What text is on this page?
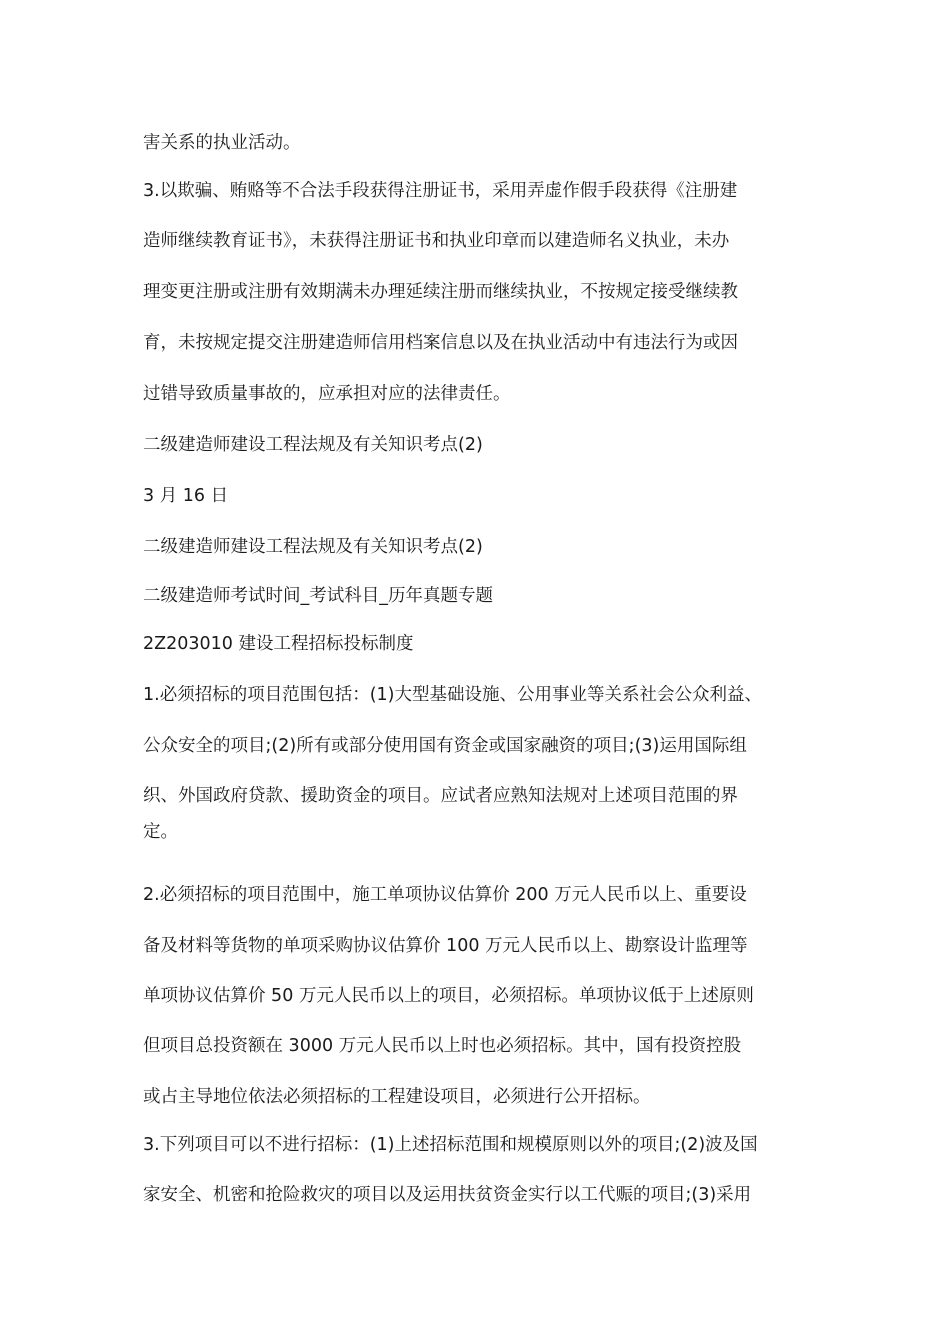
害关系的执业活动。

3.以欺骗、贿赂等不合法手段获得注册证书，采用弄虚作假手段获得《注册建

造师继续教育证书》，未获得注册证书和执业印章而以建造师名义执业，未办

理变更注册或注册有效期满未办理延续注册而继续执业，不按规定接受继续教

育，未按规定提交注册建造师信用档案信息以及在执业活动中有违法行为或因

过错导致质量事故的，应承担对应的法律责任。

二级建造师建设工程法规及有关知识考点(2)

3 月 16 日

二级建造师建设工程法规及有关知识考点(2)

二级建造师考试时间_考试科目_历年真题专题

2Z203010 建设工程招标投标制度

1.必须招标的项目范围包括：(1)大型基础设施、公用事业等关系社会公众利益、

公众安全的项目;(2)所有或部分使用国有资金或国家融资的项目;(3)运用国际组

织、外国政府贷款、援助资金的项目。应试者应熟知法规对上述项目范围的界

定。

2.必须招标的项目范围中，施工单项协议估算价 200 万元人民币以上、重要设

备及材料等货物的单项采购协议估算价 100 万元人民币以上、勘察设计监理等

单项协议估算价 50 万元人民币以上的项目，必须招标。单项协议低于上述原则

但项目总投资额在 3000 万元人民币以上时也必须招标。其中，国有投资控股

或占主导地位依法必须招标的工程建设项目，必须进行公开招标。

3.下列项目可以不进行招标：(1)上述招标范围和规模原则以外的项目;(2)波及国

家安全、机密和抢险救灾的项目以及运用扶贫资金实行以工代赈的项目;(3)采用
